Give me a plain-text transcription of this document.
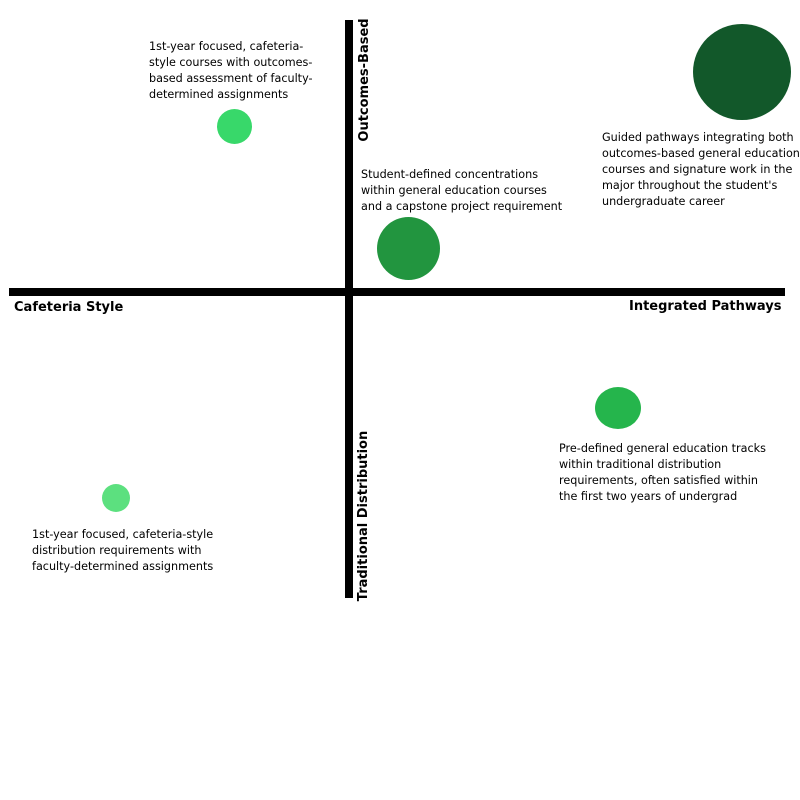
Cafeteria Style	Integrated Pathways
Outcomes-Based
Traditional Distribution
1st-year focused, cafeteria-
style courses with outcomes-
based assessment of faculty-
determined assignments
Student-defined concentrations
within general education courses
and a capstone project requirement
Guided pathways integrating both
outcomes-based general education
courses and signature work in the
major throughout the student's
undergraduate career
Pre-defined general education tracks
within traditional distribution
requirements, often satisfied within
the first two years of undergrad
1st-year focused, cafeteria-style
distribution requirements with
faculty-determined assignments
